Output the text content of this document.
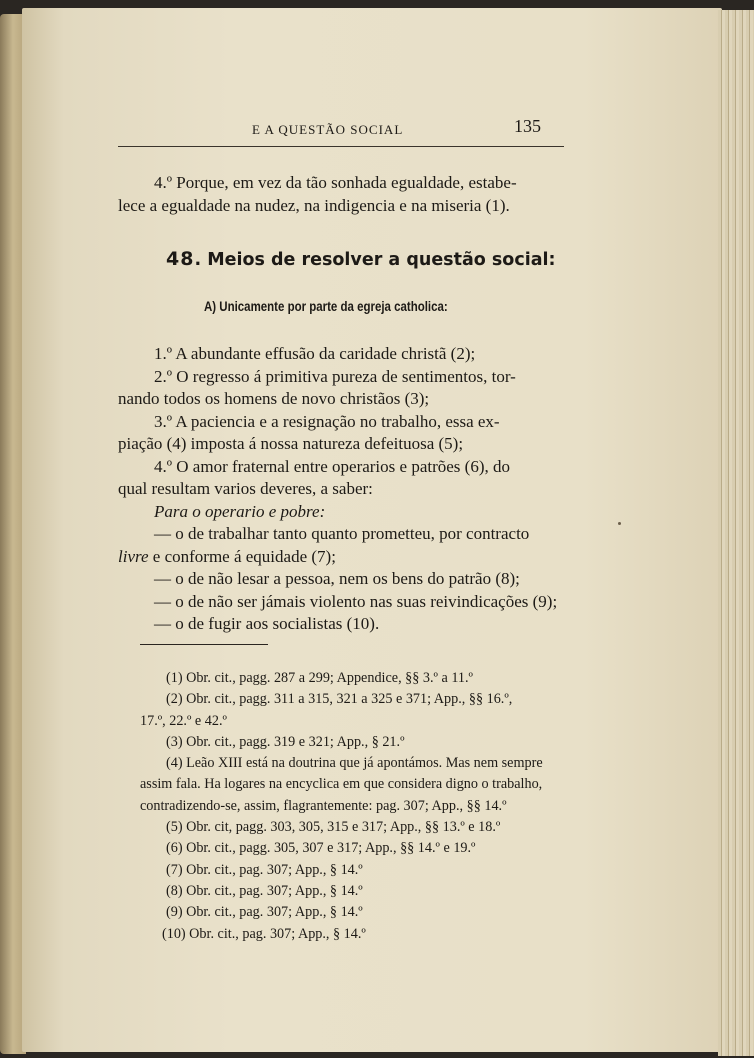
E A QUESTÃO SOCIAL	135
4.º Porque, em vez da tão sonhada egualdade, estabe-
lece a egualdade na nudez, na indigencia e na miseria (1).
48. Meios de resolver a questão social:
A) Unicamente por parte da egreja catholica:
1.º A abundante effusão da caridade christã (2);
2.º O regresso á primitiva pureza de sentimentos, tor-
nando todos os homens de novo christãos (3);
3.º A paciencia e a resignação no trabalho, essa ex-
piação (4) imposta á nossa natureza defeituosa (5);
4.º O amor fraternal entre operarios e patrões (6), do
qual resultam varios deveres, a saber:
Para o operario e pobre:
— o de trabalhar tanto quanto prometteu, por contracto
livre e conforme á equidade (7);
— o de não lesar a pessoa, nem os bens do patrão (8);
— o de não ser jámais violento nas suas reivindicações (9);
— o de fugir aos socialistas (10).
(1) Obr. cit., pagg. 287 a 299; Appendice, §§ 3.º a 11.º
(2) Obr. cit., pagg. 311 a 315, 321 a 325 e 371; App., §§ 16.º,
17.º, 22.º e 42.º
(3) Obr. cit., pagg. 319 e 321; App., § 21.º
(4) Leão XIII está na doutrina que já apontámos. Mas nem sempre
assim fala. Ha logares na encyclica em que considera digno o trabalho,
contradizendo-se, assim, flagrantemente: pag. 307; App., §§ 14.º
(5) Obr. cit, pagg. 303, 305, 315 e 317; App., §§ 13.º e 18.º
(6) Obr. cit., pagg. 305, 307 e 317; App., §§ 14.º e 19.º
(7) Obr. cit., pag. 307; App., § 14.º
(8) Obr. cit., pag. 307; App., § 14.º
(9) Obr. cit., pag. 307; App., § 14.º
(10) Obr. cit., pag. 307; App., § 14.º
